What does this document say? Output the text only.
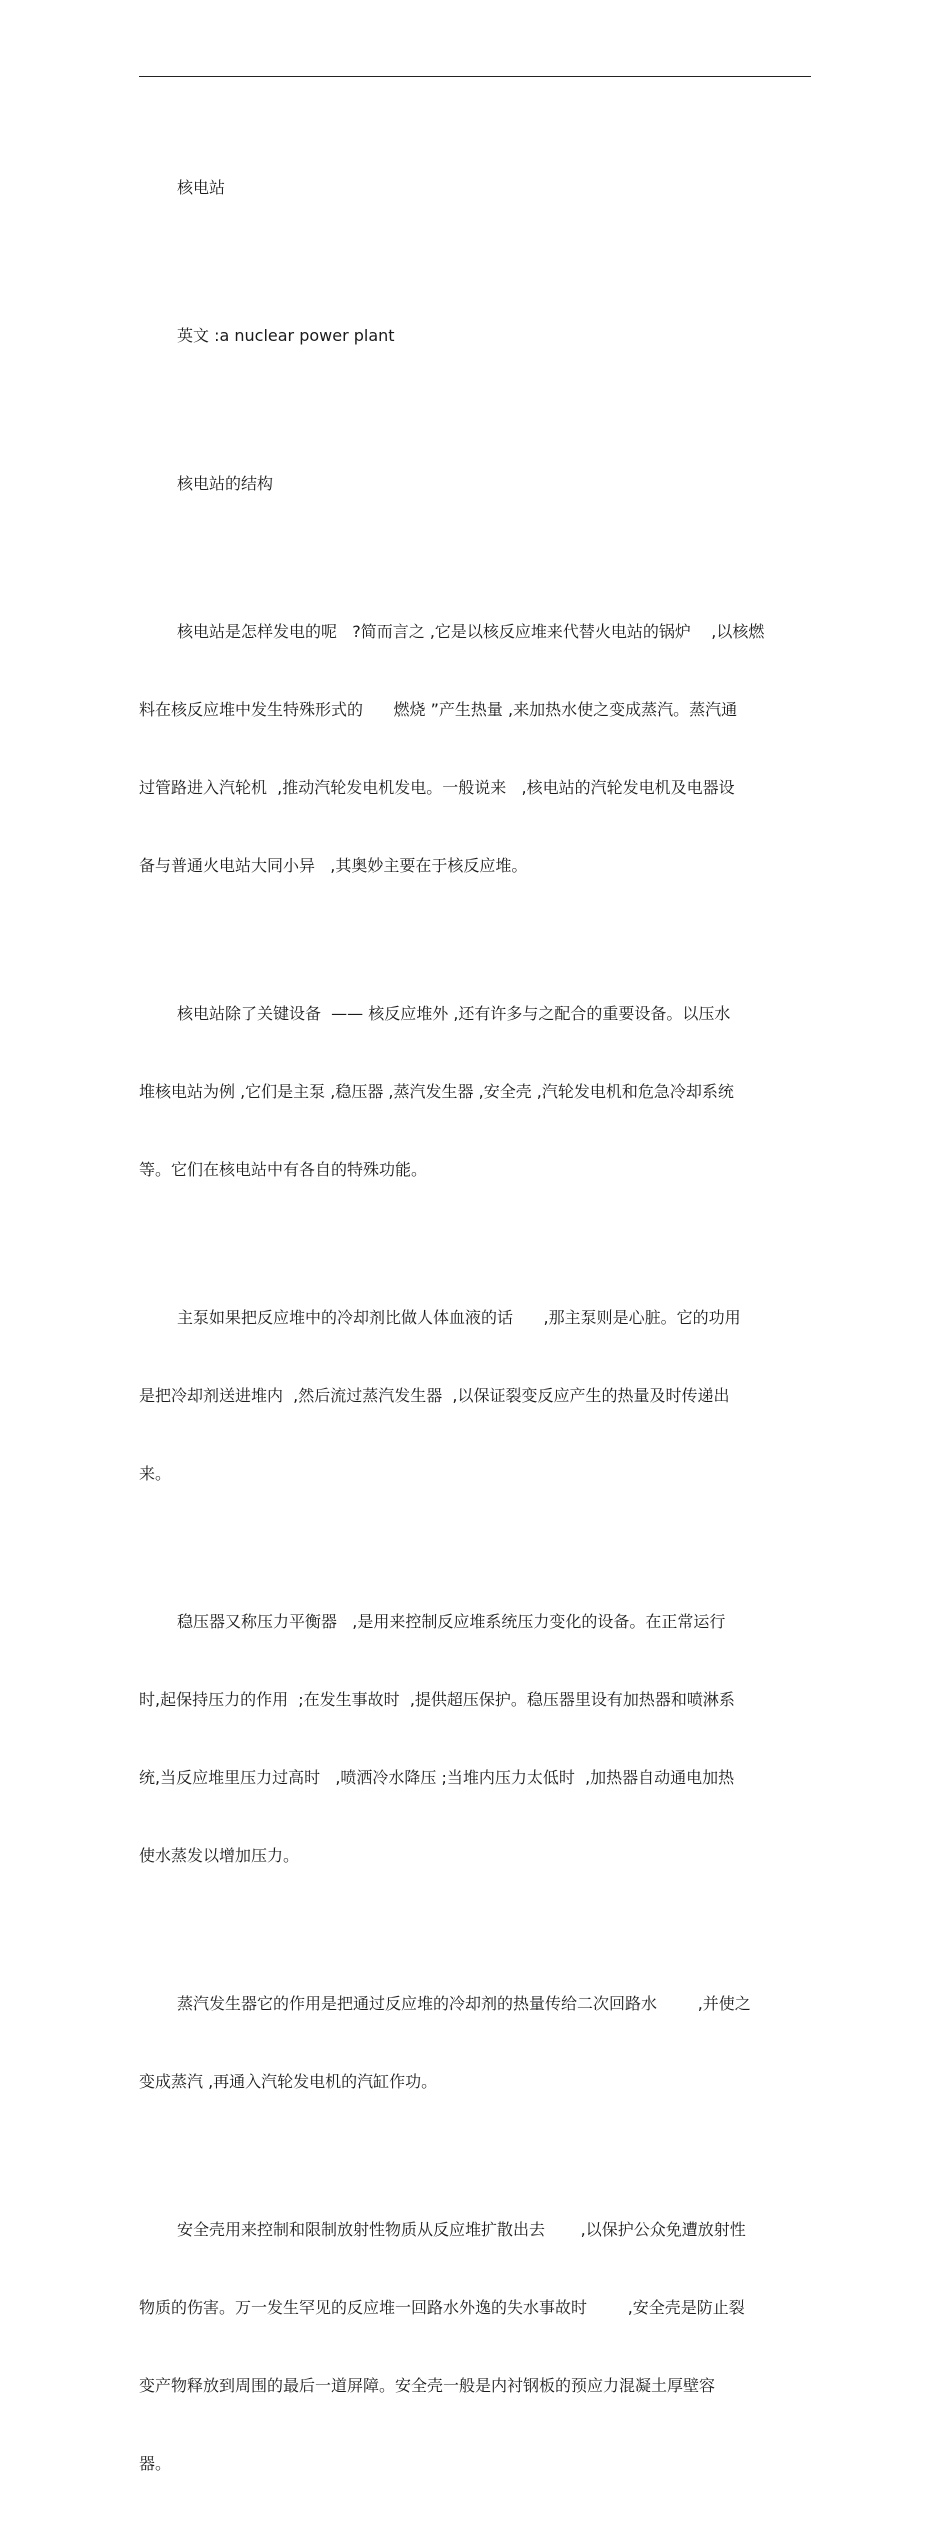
核电站

英文 :a nuclear power plant

核电站的结构

核电站是怎样发电的呢   ?简而言之 ,它是以核反应堆来代替火电站的锅炉    ,以核燃

料在核反应堆中发生特殊形式的      燃烧 ”产生热量 ,来加热水使之变成蒸汽。蒸汽通

过管路进入汽轮机  ,推动汽轮发电机发电。一般说来   ,核电站的汽轮发电机及电器设

备与普通火电站大同小异   ,其奥妙主要在于核反应堆。

核电站除了关键设备  —— 核反应堆外 ,还有许多与之配合的重要设备。以压水

堆核电站为例 ,它们是主泵 ,稳压器 ,蒸汽发生器 ,安全壳 ,汽轮发电机和危急冷却系统

等。它们在核电站中有各自的特殊功能。

主泵如果把反应堆中的冷却剂比做人体血液的话      ,那主泵则是心脏。它的功用

是把冷却剂送进堆内  ,然后流过蒸汽发生器  ,以保证裂变反应产生的热量及时传递出

来。

稳压器又称压力平衡器   ,是用来控制反应堆系统压力变化的设备。在正常运行

时,起保持压力的作用  ;在发生事故时  ,提供超压保护。稳压器里设有加热器和喷淋系

统,当反应堆里压力过高时   ,喷洒冷水降压 ;当堆内压力太低时  ,加热器自动通电加热

使水蒸发以增加压力。

蒸汽发生器它的作用是把通过反应堆的冷却剂的热量传给二次回路水        ,并使之

变成蒸汽 ,再通入汽轮发电机的汽缸作功。

安全壳用来控制和限制放射性物质从反应堆扩散出去       ,以保护公众免遭放射性

物质的伤害。万一发生罕见的反应堆一回路水外逸的失水事故时        ,安全壳是防止裂

变产物释放到周围的最后一道屏障。安全壳一般是内衬钢板的预应力混凝土厚壁容

器。
